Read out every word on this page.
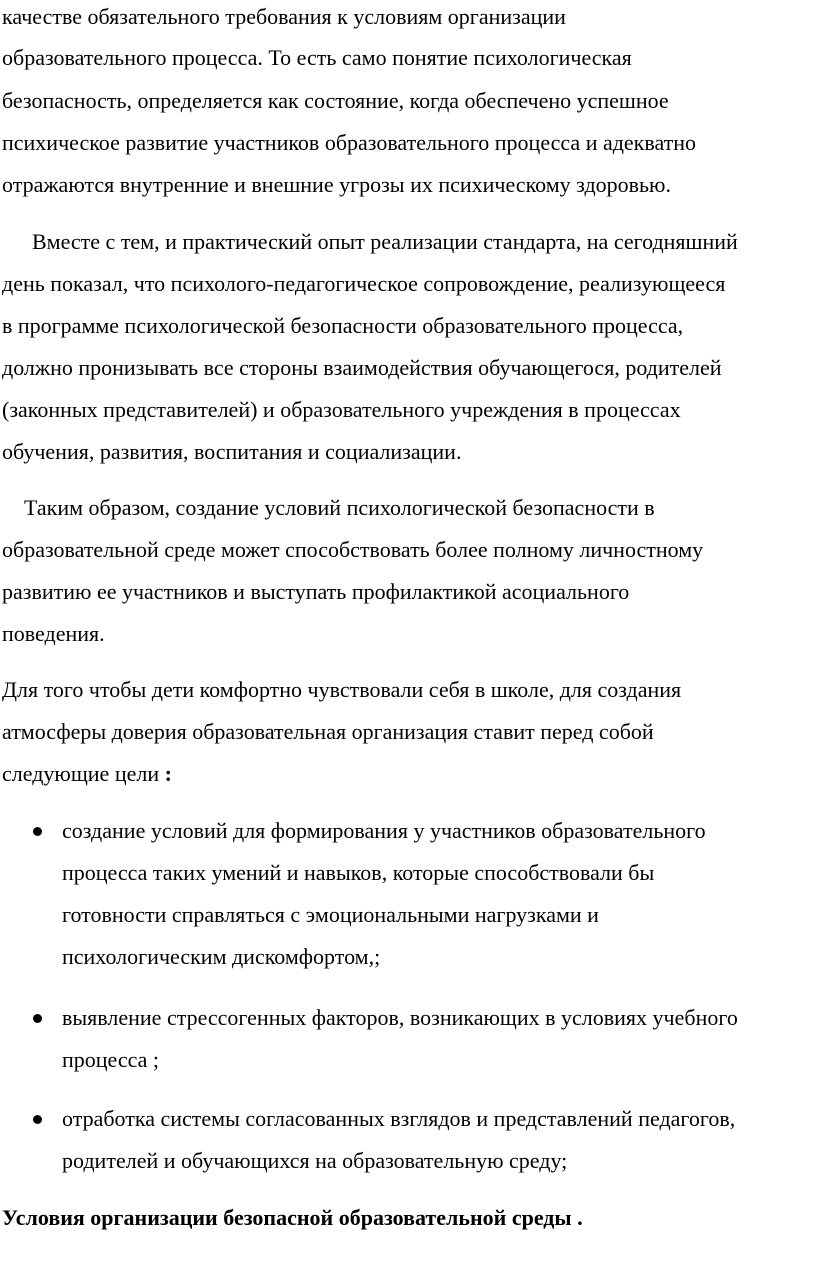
качестве обязательного требования к условиям организации
образовательного процесса. То есть само понятие психологическая
безопасность, определяется как состояние, когда обеспечено успешное
психическое развитие участников образовательного процесса и адекватно
отражаются внутренние и внешние угрозы их психическому здоровью.
Вместе с тем, и практический опыт реализации стандарта, на сегодняшний
день показал, что психолого-педагогическое сопровождение, реализующееся
в программе психологической безопасности образовательного процесса,
должно пронизывать все стороны взаимодействия обучающегося, родителей
(законных представителей) и образовательного учреждения в процессах
обучения, развития, воспитания и социализации.
Таким образом, создание условий психологической безопасности в
образовательной среде может способствовать более полному личностному
развитию ее участников и выступать профилактикой асоциального
поведения.
Для того чтобы дети комфортно чувствовали себя в школе, для создания
атмосферы доверия образовательная организация ставит перед собой
следующие цели :
создание условий для формирования у участников образовательного
процесса таких умений и навыков, которые способствовали бы
готовности справляться с эмоциональными нагрузками и
психологическим дискомфортом,;
выявление стрессогенных факторов, возникающих в условиях учебного
процесса ;
отработка системы согласованных взглядов и представлений педагогов,
родителей и обучающихся на образовательную среду;
Условия организации безопасной образовательной среды .
